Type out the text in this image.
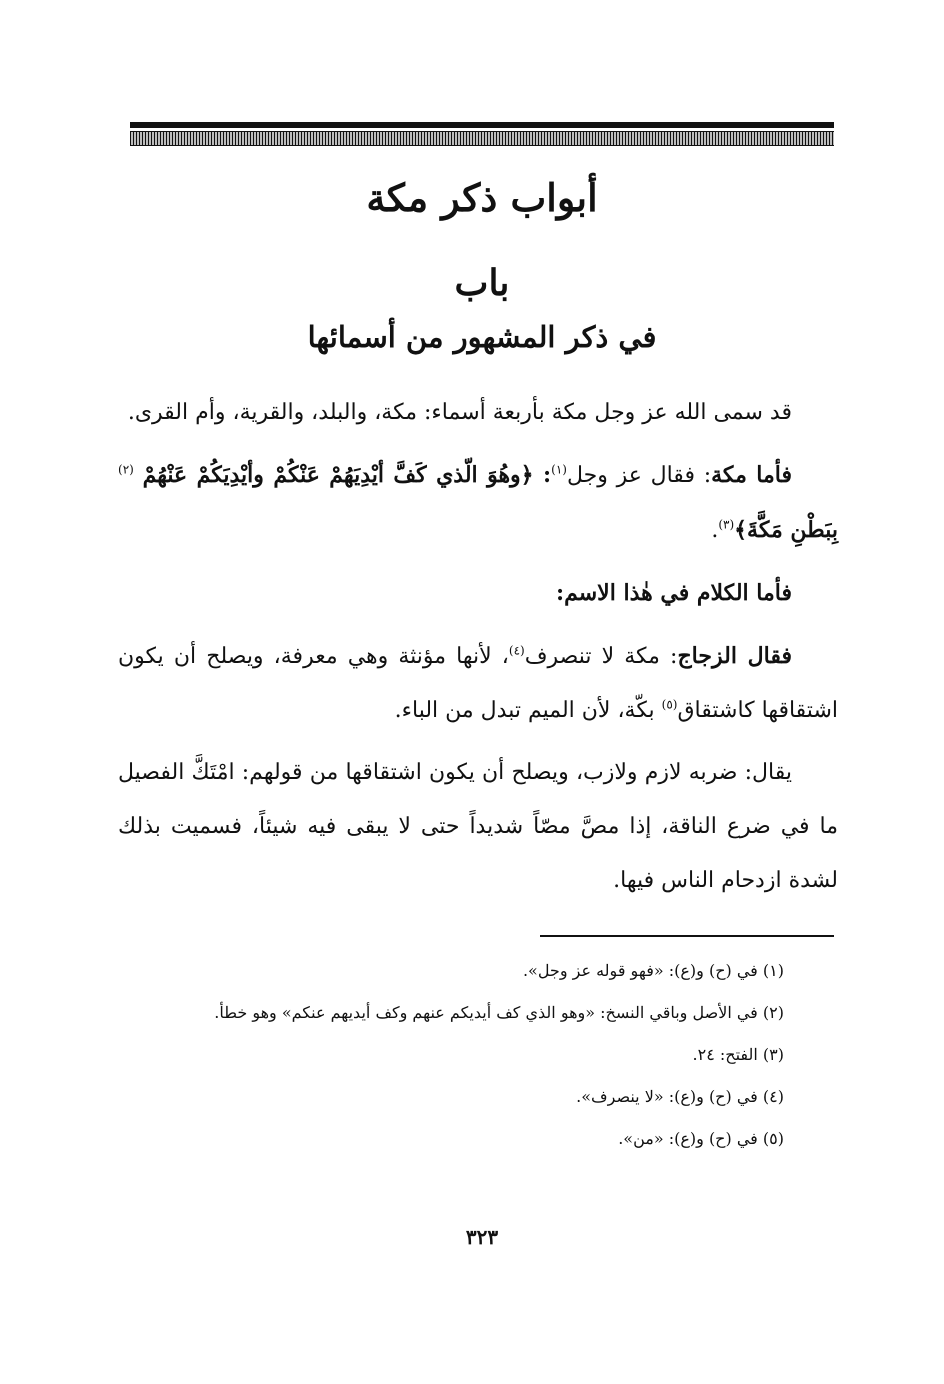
أبواب ذكر مكة
باب
في ذكر المشهور من أسمائها

قد سمى الله عز وجل مكة بأربعة أسماء: مكة، والبلد، والقرية، وأم القرى.

فأما مكة: فقال عز وجل$^{(١)}$: ﴿وهُوَ الّذي كَفَّ أيْدِيَهُمْ عَنْكُمْ وأيْدِيَكُمْ عَنْهُمْ $^{(٢)}$ بِبَطْنِ مَكَّةَ﴾$^{(٣)}$.

فأما الكلام في هٰذا الاسم:

فقال الزجاج: مكة لا تنصرف$^{(٤)}$، لأنها مؤنثة وهي معرفة، ويصلح أن يكون اشتقاقها كاشتقاق$^{(٥)}$ بكّة، لأن الميم تبدل من الباء.

يقال: ضربه لازم ولازب، ويصلح أن يكون اشتقاقها من قولهم: امْتَكَّ الفصيل ما في ضرع الناقة، إذا مصَّ مصّاً شديداً حتى لا يبقى فيه شيئاً، فسميت بذلك لشدة ازدحام الناس فيها.

(١) في (ح) و(ع): «فهو قوله عز وجل».

(٢) في الأصل وباقي النسخ: «وهو الذي كف أيديكم عنهم وكف أيديهم عنكم» وهو خطأ.

(٣) الفتح: ٢٤.

(٤) في (ح) و(ع): «لا ينصرف».

(٥) في (ح) و(ع): «من».

٣٢٣
